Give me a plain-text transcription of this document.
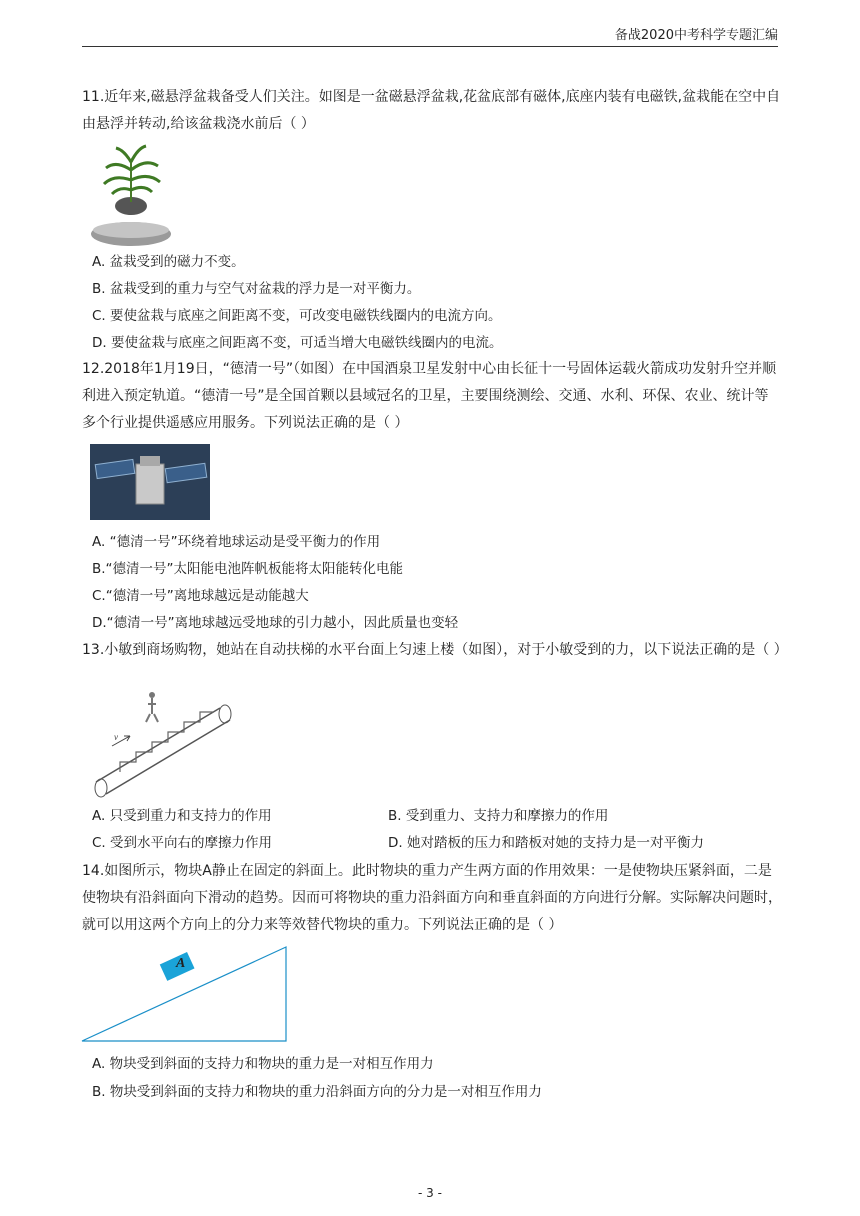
备战2020中考科学专题汇编
11.近年来,磁悬浮盆栽备受人们关注。如图是一盆磁悬浮盆栽,花盆底部有磁体,底座内装有电磁铁,盆栽能在空中自由悬浮并转动,给该盆栽浇水前后（ ）
A. 盆栽受到的磁力不变。
B. 盆栽受到的重力与空气对盆栽的浮力是一对平衡力。
C. 要使盆栽与底座之间距离不变，可改变电磁铁线圈内的电流方向。
D. 要使盆栽与底座之间距离不变，可适当增大电磁铁线圈内的电流。
12.2018年1月19日，“德清一号”（如图）在中国酒泉卫星发射中心由长征十一号固体运载火箭成功发射升空并顺利进入预定轨道。“德清一号”是全国首颗以县域冠名的卫星，主要围绕测绘、交通、水利、环保、农业、统计等多个行业提供遥感应用服务。下列说法正确的是（ ）
A. “德清一号”环绕着地球运动是受平衡力的作用
B.“德清一号”太阳能电池阵帆板能将太阳能转化电能
C.“德清一号”离地球越远是动能越大
D.“德清一号”离地球越远受地球的引力越小，因此质量也变轻
13.小敏到商场购物，她站在自动扶梯的水平台面上匀速上楼（如图），对于小敏受到的力，以下说法正确的是（ ）
v
A. 只受到重力和支持力的作用	B. 受到重力、支持力和摩擦力的作用
C. 受到水平向右的摩擦力作用	D. 她对踏板的压力和踏板对她的支持力是一对平衡力
14.如图所示，物块A静止在固定的斜面上。此时物块的重力产生两方面的作用效果：一是使物块压紧斜面，二是使物块有沿斜面向下滑动的趋势。因而可将物块的重力沿斜面方向和垂直斜面的方向进行分解。实际解决问题时，就可以用这两个方向上的分力来等效替代物块的重力。下列说法正确的是（ ）
A
A. 物块受到斜面的支持力和物块的重力是一对相互作用力
B. 物块受到斜面的支持力和物块的重力沿斜面方向的分力是一对相互作用力
- 3 -
